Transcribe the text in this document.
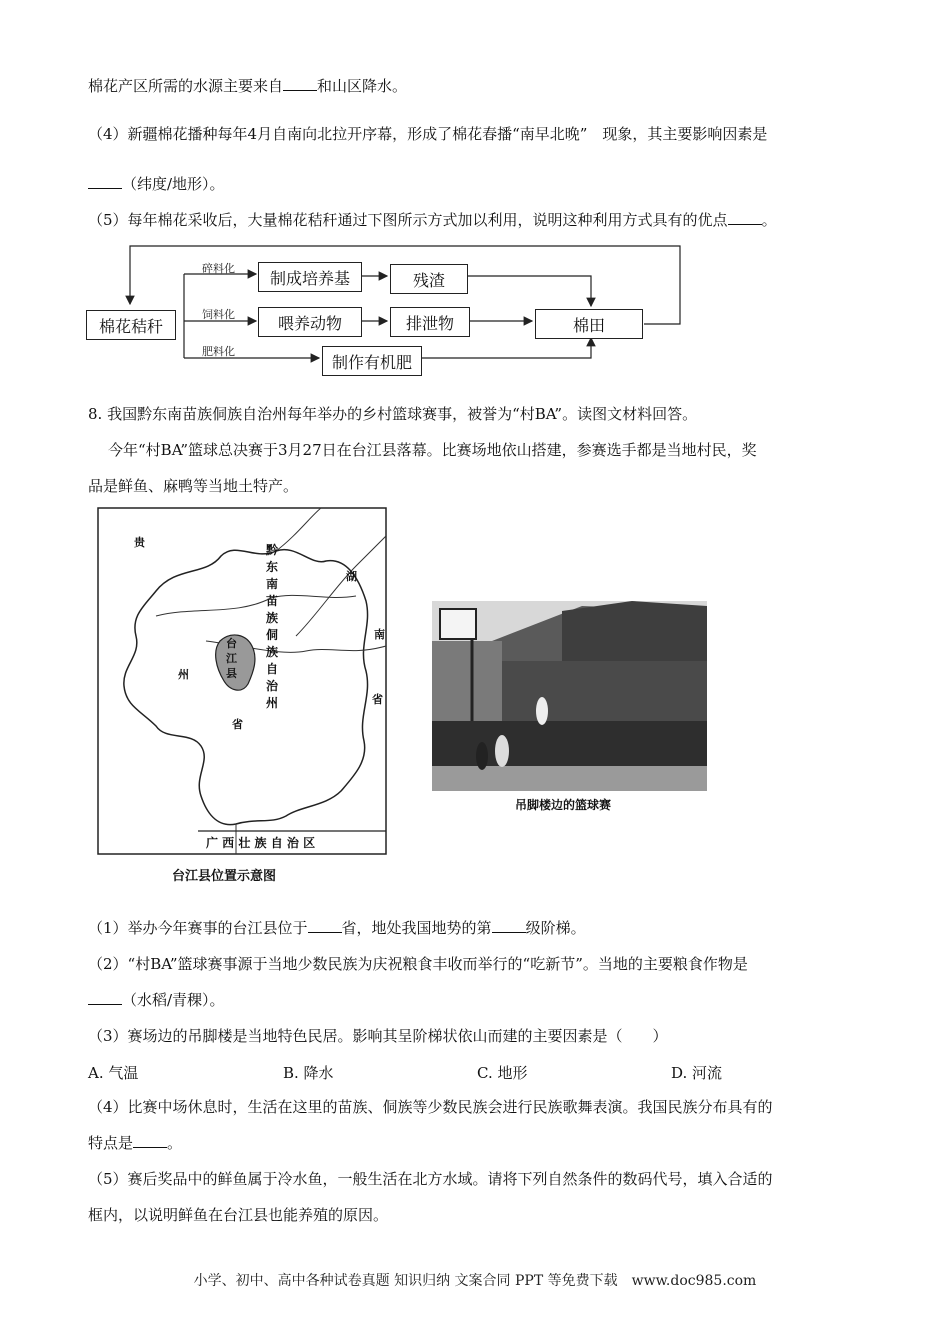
棉花产区所需的水源主要来自 和山区降水。
（4）新疆棉花播种每年4月自南向北拉开序幕，形成了棉花春播“南早北晚”　现象，其主要影响因素是
（纬度/地形）。
（5）每年棉花采收后，大量棉花秸秆通过下图所示方式加以利用，说明这种利用方式具有的优点 。
棉花秸秆
碎料化
饲料化
肥料化
制成培养基	残渣
喂养动物	排泄物	棉田
制作有机肥
8. 我国黔东南苗族侗族自治州每年举办的乡村篮球赛事，被誉为“村BA”。读图文材料回答。
今年“村BA”篮球总决赛于3月27日在台江县落幕。比赛场地依山搭建，参赛选手都是当地村民，奖
品是鲜鱼、麻鸭等当地土特产。
贵
州
省
湖
南
省
黔
东
南
苗
族
侗
族
自
治
州
台
江
县
广 西 壮 族 自 治 区
台江县位置示意图
吊脚楼边的篮球赛
（1）举办今年赛事的台江县位于 省，地处我国地势的第 级阶梯。
（2）“村BA”篮球赛事源于当地少数民族为庆祝粮食丰收而举行的“吃新节”。当地的主要粮食作物是
（水稻/青稞）。
（3）赛场边的吊脚楼是当地特色民居。影响其呈阶梯状依山而建的主要因素是（　　）
A. 气温	B. 降水	C. 地形	D. 河流
（4）比赛中场休息时，生活在这里的苗族、侗族等少数民族会进行民族歌舞表演。我国民族分布具有的
特点是 。
（5）赛后奖品中的鲜鱼属于冷水鱼，一般生活在北方水域。请将下列自然条件的数码代号，填入合适的
框内，以说明鲜鱼在台江县也能养殖的原因。
小学、初中、高中各种试卷真题 知识归纳 文案合同 PPT 等免费下载　www.doc985.com
